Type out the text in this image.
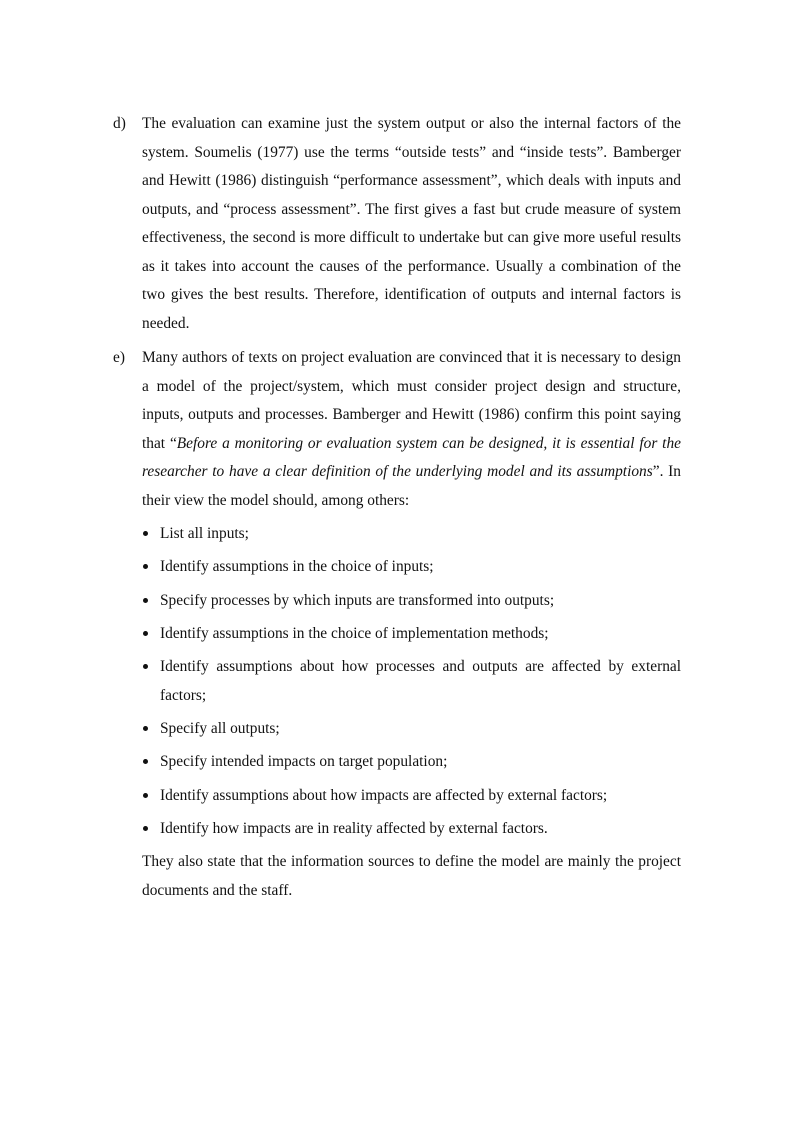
d)	The evaluation can examine just the system output or also the internal factors of the system. Soumelis (1977) use the terms “outside tests” and “inside tests”. Bamberger and Hewitt (1986) distinguish “performance assessment”, which deals with inputs and outputs, and “process assessment”. The first gives a fast but crude measure of system effectiveness, the second is more difficult to undertake but can give more useful results as it takes into account the causes of the performance. Usually a combination of the two gives the best results. Therefore, identification of outputs and internal factors is needed.

e)	Many authors of texts on project evaluation are convinced that it is necessary to design a model of the project/system, which must consider project design and structure, inputs, outputs and processes. Bamberger and Hewitt (1986) confirm this point saying that “Before a monitoring or evaluation system can be designed, it is essential for the researcher to have a clear definition of the underlying model and its assumptions”. In their view the model should, among others:

List all inputs;
Identify assumptions in the choice of inputs;
Specify processes by which inputs are transformed into outputs;
Identify assumptions in the choice of implementation methods;
Identify assumptions about how processes and outputs are affected by external factors;
Specify all outputs;
Specify intended impacts on target population;
Identify assumptions about how impacts are affected by external factors;
Identify how impacts are in reality affected by external factors.

They also state that the information sources to define the model are mainly the project documents and the staff.
